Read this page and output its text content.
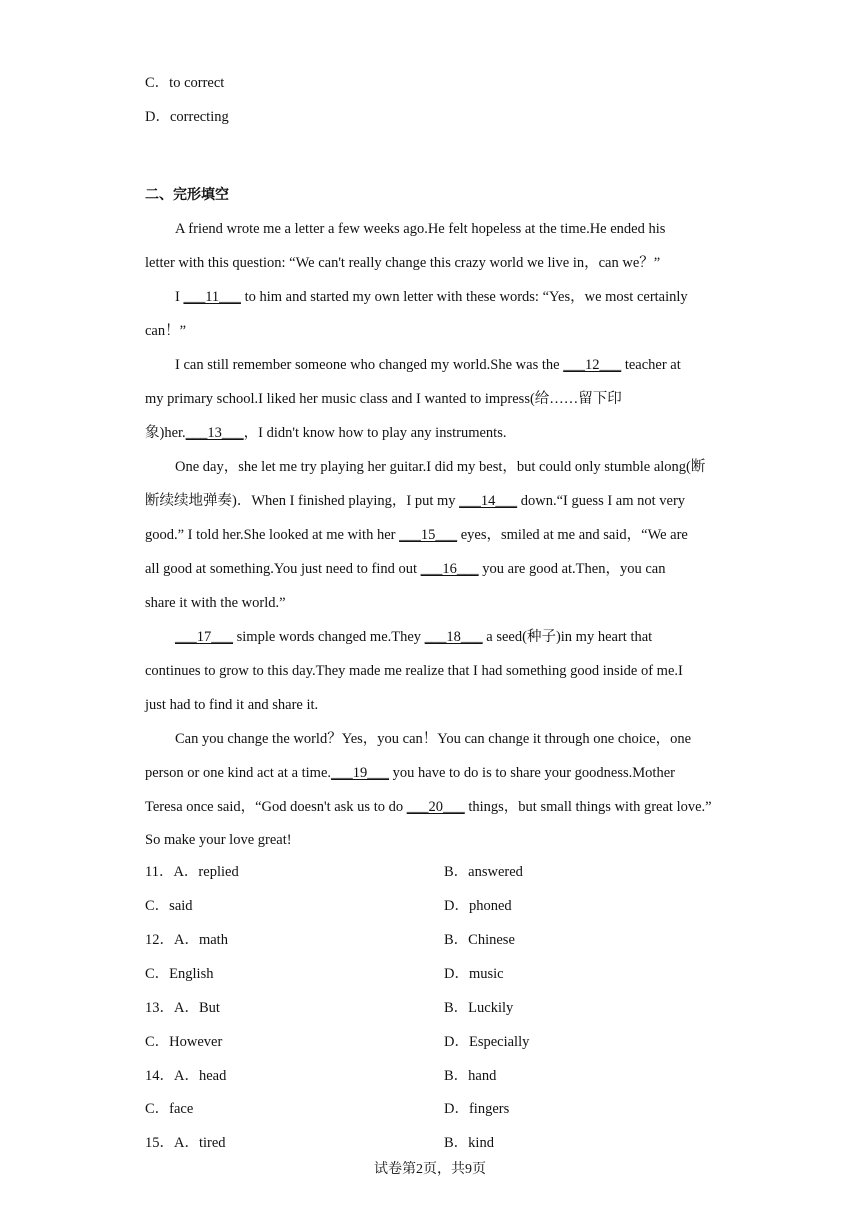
C．to correct
D．correcting
二、完形填空
A friend wrote me a letter a few weeks ago.He felt hopeless at the time.He ended his
letter with this question: “We can't really change this crazy world we live in，can we？”
I ___11___ to him and started my own letter with these words: “Yes，we most certainly
can！”
I can still remember someone who changed my world.She was the ___12___ teacher at
my primary school.I liked her music class and I wanted to impress(给……留下印
象)her.___13___，I didn't know how to play any instruments.
One day，she let me try playing her guitar.I did my best，but could only stumble along(断
断续续地弹奏)．When I finished playing，I put my ___14___ down.“I guess I am not very
good.” I told her.She looked at me with her ___15___ eyes，smiled at me and said，“We are
all good at something.You just need to find out ___16___ you are good at.Then，you can
share it with the world.”
___17___ simple words changed me.They ___18___ a seed(种子)in my heart that
continues to grow to this day.They made me realize that I had something good inside of me.I
just had to find it and share it.
Can you change the world？Yes，you can！You can change it through one choice，one
person or one kind act at a time.___19___ you have to do is to share your goodness.Mother
Teresa once said，“God doesn't ask us to do ___20___ things，but small things with great love.”
So make your love great!
11．A．replied	B．answered
C．said	D．phoned
12．A．math	B．Chinese
C．English	D．music
13．A．But	B．Luckily
C．However	D．Especially
14．A．head	B．hand
C．face	D．fingers
15．A．tired	B．kind
试卷第2页，共9页
